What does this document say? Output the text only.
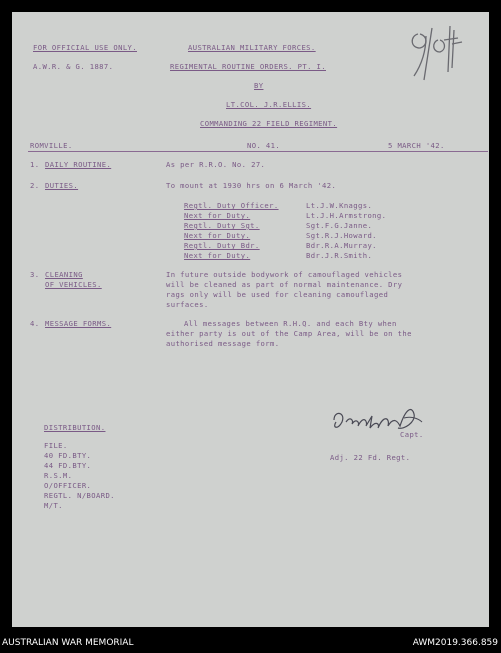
FOR OFFICIAL USE ONLY.	AUSTRALIAN MILITARY FORCES.
A.W.R. & G. 1887.	REGIMENTAL ROUTINE ORDERS. PT. I.
BY
LT.COL. J.R.ELLIS.
COMMANDING 22 FIELD REGIMENT.
ROMVILLE.	NO. 41.	5 MARCH '42.
1. DAILY ROUTINE.	As per R.R.O. No. 27.
2. DUTIES.	To mount at 1930 hrs on 6 March '42.
Regtl. Duty Officer.	Lt.J.W.Knaggs.
Next for Duty.	Lt.J.H.Armstrong.
Regtl. Duty Sgt.	Sgt.F.G.Janne.
Next for Duty.	Sgt.R.J.Howard.
Regtl. Duty Bdr.	Bdr.R.A.Murray.
Next for Duty.	Bdr.J.R.Smith.
3. CLEANING
OF VEHICLES.
In future outside bodywork of camouflaged vehicles
will be cleaned as part of normal maintenance. Dry
rags only will be used for cleaning camouflaged
surfaces.
4. MESSAGE FORMS.	All messages between R.H.Q. and each Bty when
either party is out of the Camp Area, will be on the
authorised message form.
Capt.
Adj. 22 Fd. Regt.
DISTRIBUTION.
FILE.
40 FD.BTY.
44 FD.BTY.
R.S.M.
O/OFFICER.
REGTL. N/BOARD.
M/T.
AUSTRALIAN WAR MEMORIAL	AWM2019.366.859
